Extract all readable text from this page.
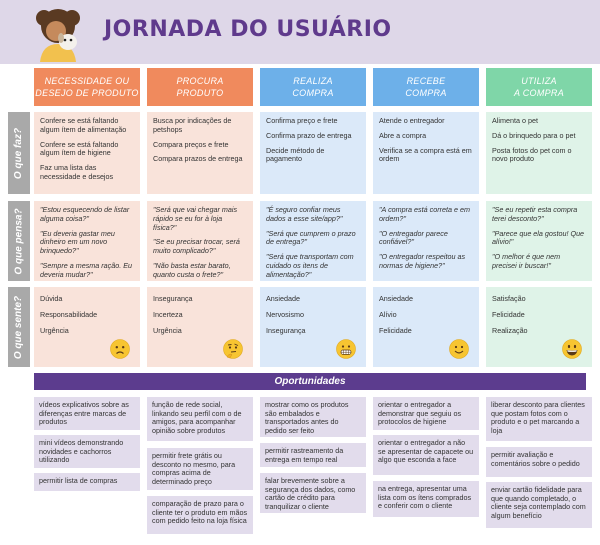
JORNADA DO USUÁRIO
NECESSIDADE OU
DESEJO DE PRODUTO
PROCURA
PRODUTO
REALIZA
COMPRA
RECEBE
COMPRA
UTILIZA
A COMPRA
O que faz?
O que pensa?
O que sente?
Confere se está faltando algum ítem de alimentação
Confere se está faltando algum ítem de higiene
Faz uma lista das necessidade e desejos
Busca por indicações de petshops
Compara preços e frete
Compara prazos de entrega
Confirma preço e frete
Confirma prazo de entrega
Decide método de pagamento
Atende o entregador
Abre a compra
Verifica se a compra está em ordem
Alimenta o pet
Dá o brinquedo para o pet
Posta fotos do pet com o novo produto
"Estou esquecendo de listar alguma coisa?"
"Eu deveria gastar meu dinheiro em um novo brinquedo?"
"Sempre a mesma ração. Eu deveria mudar?"
"Será que vai chegar mais rápido se eu for à loja física?"
"Se eu precisar trocar, será muito complicado?"
"Não basta estar barato, quanto custa o frete?"
"É seguro confiar meus dados a esse site/app?"
"Será que cumprem o prazo de entrega?"
"Será que transportam com cuidado os itens de alimentação?"
"A compra está correta e em ordem?"
"O entregador parece confiável?"
"O entregador respeitou as normas de higiene?"
"Se eu repetir esta compra terei desconto?"
"Parece que ela gostou! Que alívio!"
"O melhor é que nem precisei ir buscar!"
Dúvida
Responsabilidade
Urgência
Insegurança
Incerteza
Urgência
Ansiedade
Nervosismo
Insegurança
Ansiedade
Alívio
Felicidade
Satisfação
Felicidade
Realização
Oportunidades
vídeos explicativos sobre as diferenças entre marcas de produtos
mini vídeos demonstrando novidades e cachorros utilizando
permitir lista de compras
função de rede social, linkando seu perfil com o de amigos, para acompanhar opinião sobre produtos
permitir frete grátis ou desconto no mesmo, para compras acima de determinado preço
comparação de prazo para o cliente ter o produto em mãos com pedido feito na loja física
mostrar como os produtos são embalados e transportados antes do pedido ser feito
permitir rastreamento da entrega em tempo real
falar brevemente sobre a segurança dos dados, como cartão de crédito para tranquilizar o cliente
orientar o entregador a demonstrar que seguiu os protocolos de higiene
orientar o entregador a não se apresentar de capacete ou algo que esconda a face
na entrega, apresentar uma lista com os ítens comprados e conferir com o cliente
liberar desconto para clientes que postam fotos com o produto e o pet marcando a loja
permitir avaliação e comentários sobre o pedido
enviar cartão fidelidade para que quando completado, o cliente seja contemplado com algum benefício
